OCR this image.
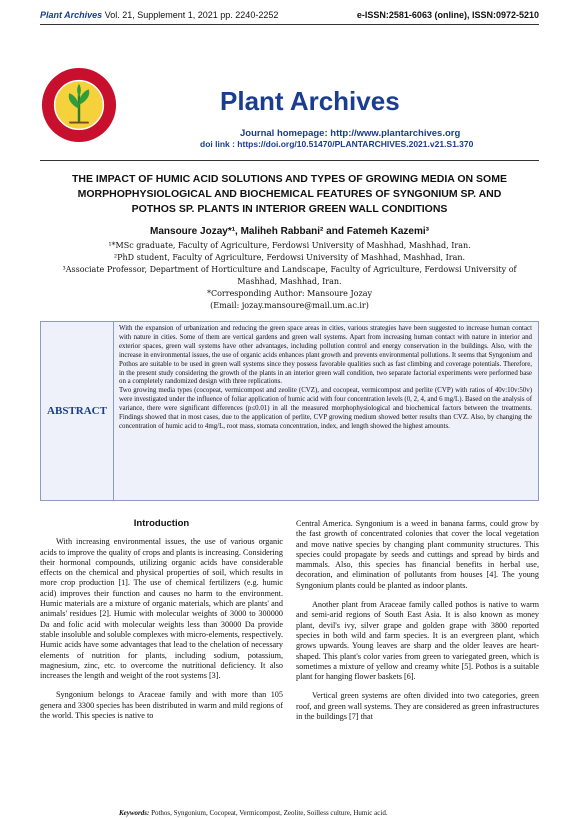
Plant Archives Vol. 21, Supplement 1, 2021 pp. 2240-2252	e-ISSN:2581-6063 (online), ISSN:0972-5210
Plant Archives
Journal homepage: http://www.plantarchives.org
doi link : https://doi.org/10.51470/PLANTARCHIVES.2021.v21.S1.370
THE IMPACT OF HUMIC ACID SOLUTIONS AND TYPES OF GROWING MEDIA ON SOME
MORPHOPHYSIOLOGICAL AND BIOCHEMICAL FEATURES OF SYNGONIUM SP. AND
POTHOS SP. PLANTS IN INTERIOR GREEN WALL CONDITIONS
Mansoure Jozay*¹, Maliheh Rabbani² and Fatemeh Kazemi³
¹*MSc graduate, Faculty of Agriculture, Ferdowsi University of Mashhad, Mashhad, Iran.
²PhD student, Faculty of Agriculture, Ferdowsi University of Mashhad, Mashhad, Iran.
³Associate Professor, Department of Horticulture and Landscape, Faculty of Agriculture, Ferdowsi University of
Mashhad, Mashhad, Iran.
*Corresponding Author: Mansoure Jozay
(Email: jozay.mansoure@mail.um.ac.ir)
ABSTRACT

With the expansion of urbanization and reducing the green space areas in cities, various strategies have been suggested to increase human contact with nature in cities. Some of them are vertical gardens and green wall systems. Apart from increasing human contact with nature in interior and exterior spaces, green wall systems have other advantages, including pollution control and energy conservation in the buildings. Also, with the increase in environmental issues, the use of organic acids enhances plant growth and prevents environmental pollutions. It seems that Syngonium and Pothos are suitable to be used in green wall systems since they possess favorable qualities such as fast climbing and coverage potentials. Therefore, in the present study considering the growth of the plants in an interior green wall condition, two separate factorial experiments were performed base on a completely randomized design with three replications.

Two growing media types (cocopeat, vermicompost and zeolite (CVZ), and cocopeat, vermicompost and perlite (CVP) with ratios of 40v:10v:50v) were investigated under the influence of foliar application of humic acid with four concentration levels (0, 2, 4, and 6 mg/L). Based on the analysis of variance, there were significant differences (p≤0.01) in all the measured morphophysiological and biochemical factors between the treatments. Findings showed that in most cases, due to the application of perlite, CVP growing medium showed better results than CVZ. Also, by changing the concentration of humic acid to 4mg/L, root mass, stomata concentration, index, and length showed the highest amounts.

Keywords: Pothos, Syngonium, Cocopeat, Vermicompost, Zeolite, Soilless culture, Humic acid.
Introduction

With increasing environmental issues, the use of various organic acids to improve the quality of crops and plants is increasing. Considering their hormonal compounds, utilizing organic acids have considerable effects on the chemical and physical properties of soil, which results in more crop production [1]. The use of chemical fertilizers (e.g. humic acid) improves their function and causes no harm to the environment. Humic materials are a mixture of organic materials, which are plants' and animals' residues [2]. Humic with molecular weights of 3000 to 300000 Da and folic acid with molecular weights less than 30000 Da provide stable insoluble and soluble complexes with micro-elements, respectively. Humic acids have some advantages that lead to the chelation of necessary elements of nutrition for plants, including sodium, potassium, magnesium, zinc, etc. to overcome the nutritional deficiency. It also increases the length and weight of the root systems [3].

Syngonium belongs to Araceae family and with more than 105 genera and 3300 species has been distributed in warm and mild regions of the world. This species is native to

Central America. Syngonium is a weed in banana farms, could grow by the fast growth of concentrated colonies that cover the local vegetation and move native species by changing plant community structures. This species could propagate by seeds and cuttings and spread by birds and mammals. Also, this species has financial benefits in herbal use, decoration, and elimination of pollutants from houses [4]. The young Syngonium plants could be planted as indoor plants.

Another plant from Araceae family called pothos is native to warm and semi-arid regions of South East Asia. It is also known as money plant, devil's ivy, silver grape and golden grape with 3800 reported species in both wild and farm species. It is an evergreen plant, which grows upwards. Young leaves are sharp and the older leaves are heart-shaped. This plant's color varies from green to variegated green, which is sometimes a mixture of yellow and creamy white [5]. Pothos is a suitable plant for hanging flower baskets [6].

Vertical green systems are often divided into two categories, green roof, and green wall systems. They are considered as green infrastructures in the buildings [7] that
